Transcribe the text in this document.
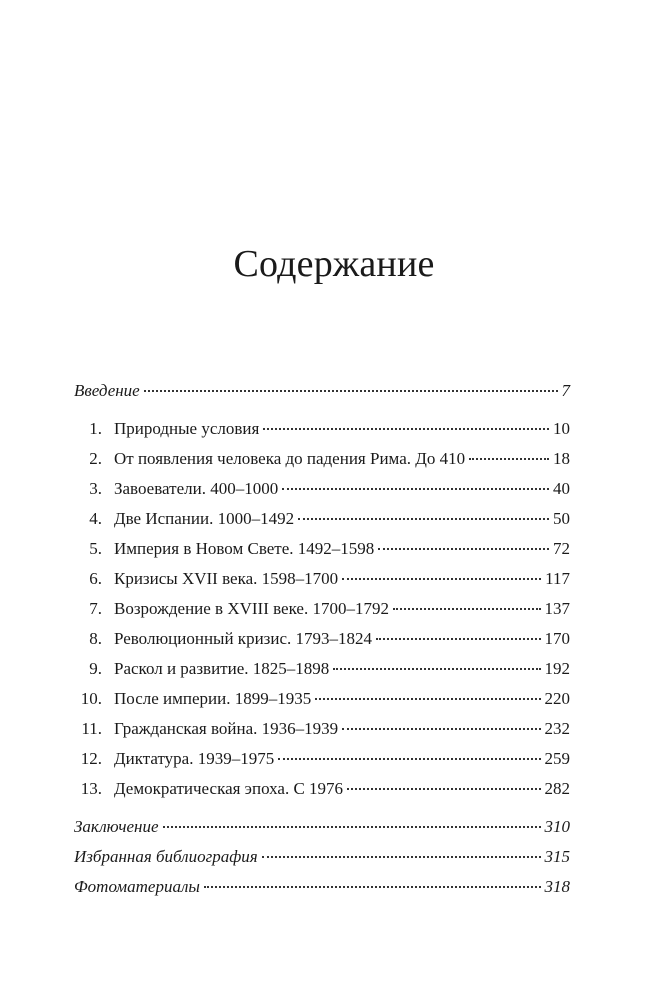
Содержание
Введение	7
1. Природные условия	10
2. От появления человека до падения Рима. До 410	18
3. Завоеватели. 400–1000	40
4. Две Испании. 1000–1492	50
5. Империя в Новом Свете. 1492–1598	72
6. Кризисы XVII века. 1598–1700	117
7. Возрождение в XVIII веке. 1700–1792	137
8. Революционный кризис. 1793–1824	170
9. Раскол и развитие. 1825–1898	192
10. После империи. 1899–1935	220
11. Гражданская война. 1936–1939	232
12. Диктатура. 1939–1975	259
13. Демократическая эпоха. С 1976	282
Заключение	310
Избранная библиография	315
Фотоматериалы	318
